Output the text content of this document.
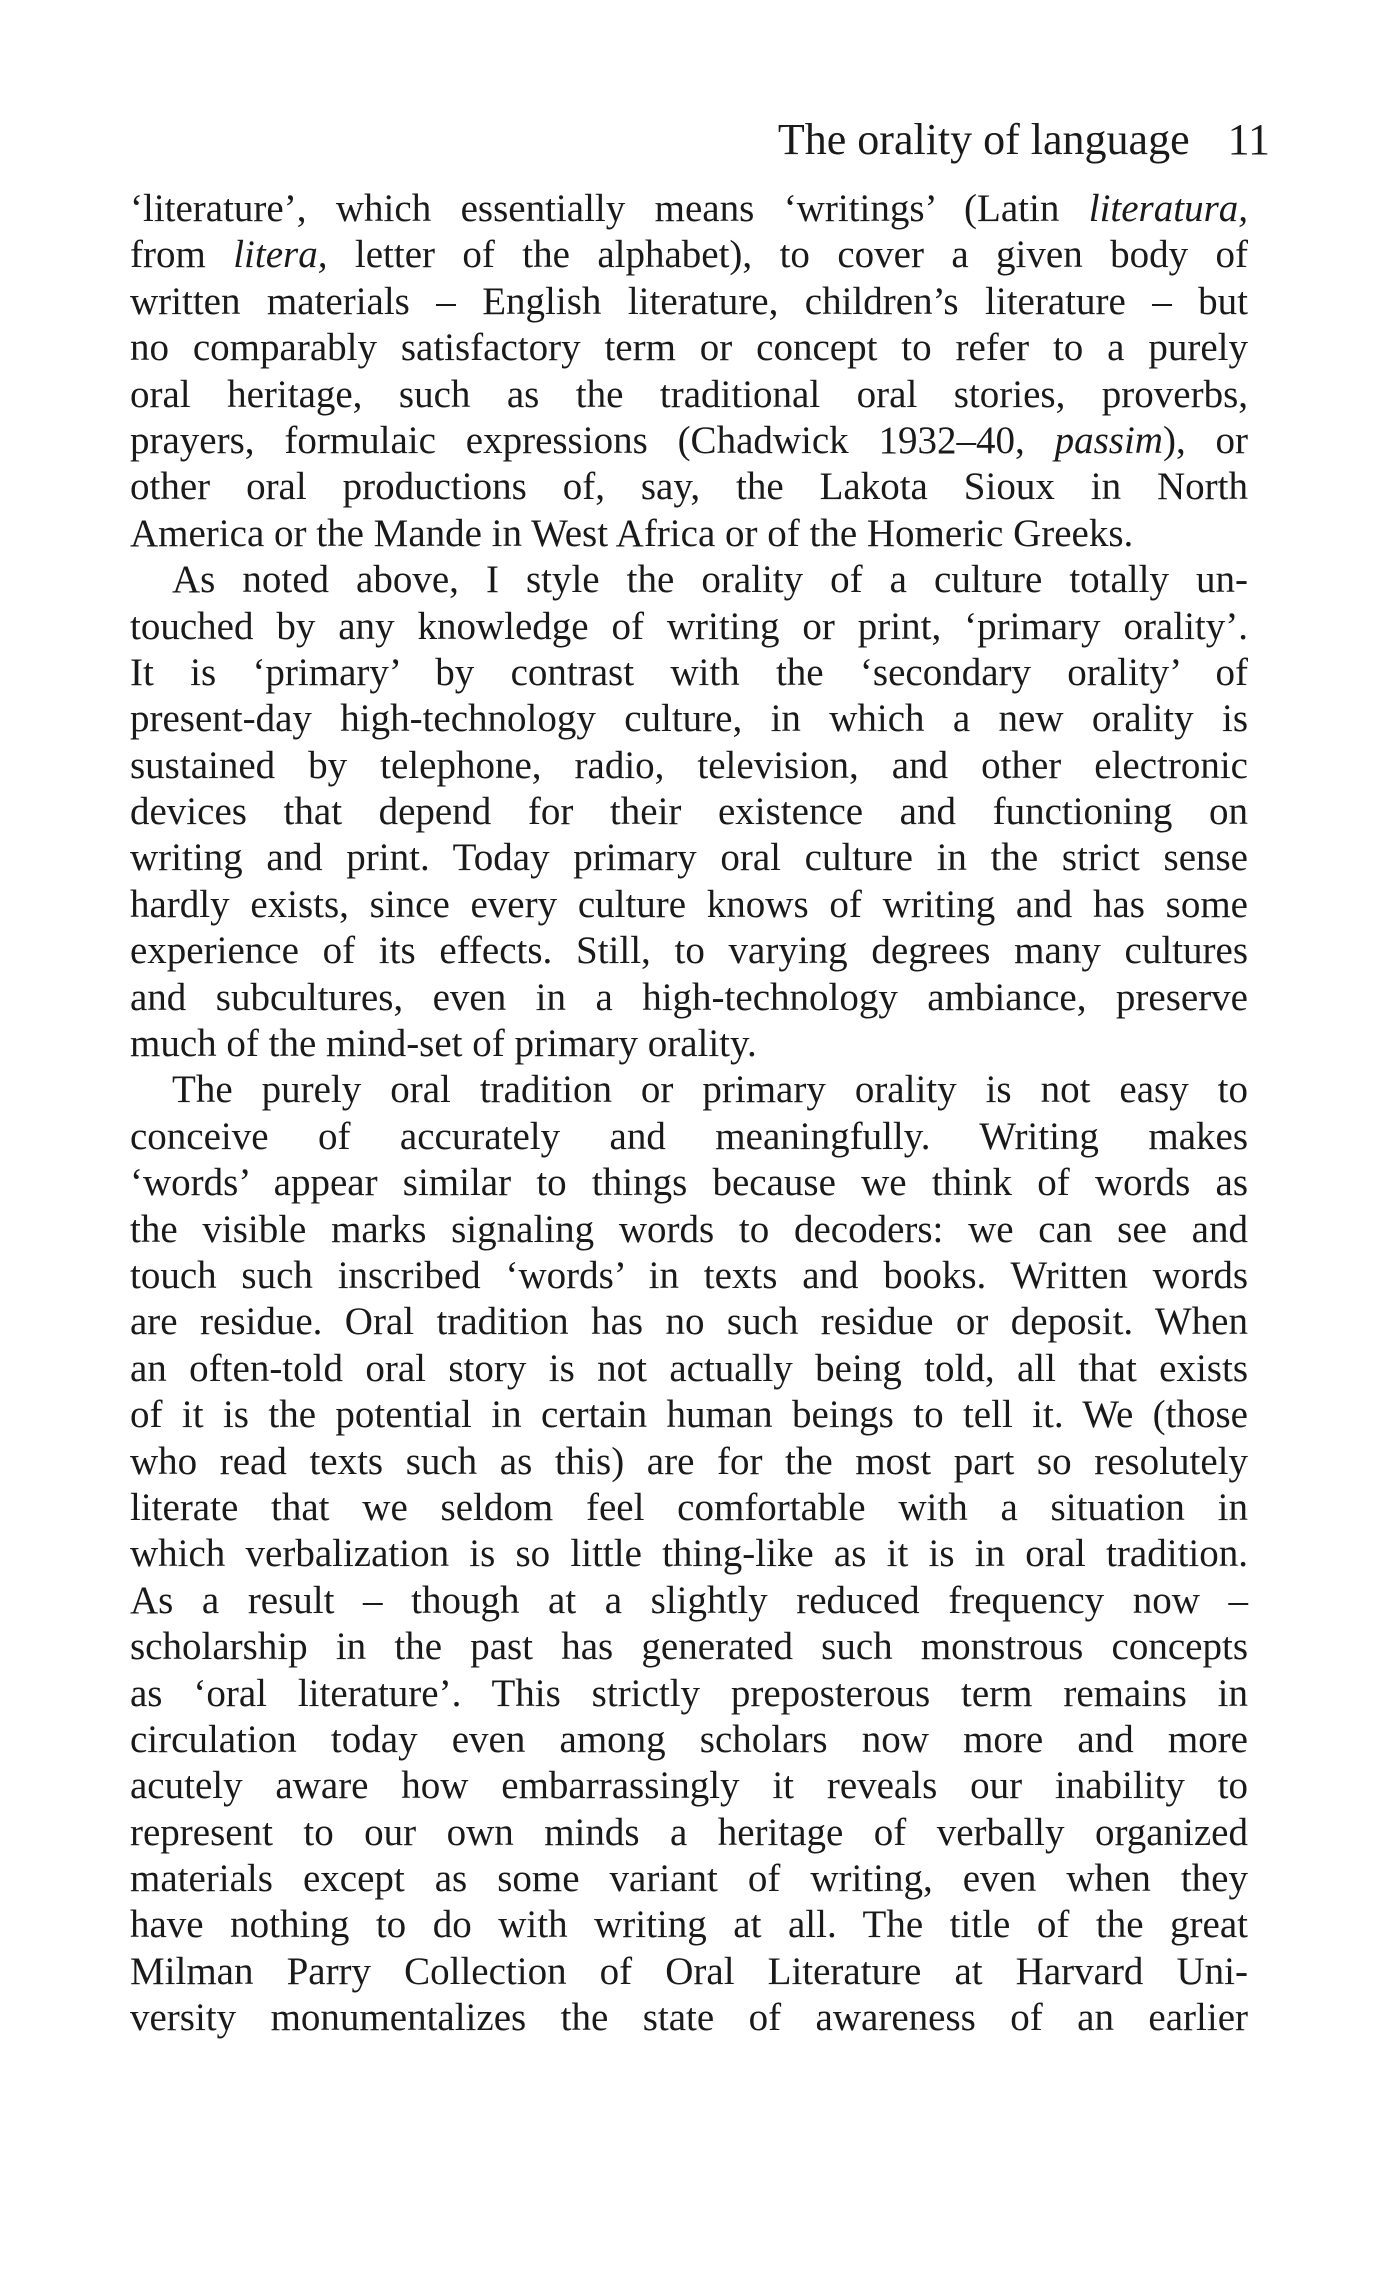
The orality of language 11
‘literature’, which essentially means ‘writings’ (Latin literatura,
from litera, letter of the alphabet), to cover a given body of
written materials – English literature, children’s literature – but
no comparably satisfactory term or concept to refer to a purely
oral heritage, such as the traditional oral stories, proverbs,
prayers, formulaic expressions (Chadwick 1932–40, passim), or
other oral productions of, say, the Lakota Sioux in North
America or the Mande in West Africa or of the Homeric Greeks.
As noted above, I style the orality of a culture totally un-
touched by any knowledge of writing or print, ‘primary orality’.
It is ‘primary’ by contrast with the ‘secondary orality’ of
present-day high-technology culture, in which a new orality is
sustained by telephone, radio, television, and other electronic
devices that depend for their existence and functioning on
writing and print. Today primary oral culture in the strict sense
hardly exists, since every culture knows of writing and has some
experience of its effects. Still, to varying degrees many cultures
and subcultures, even in a high-technology ambiance, preserve
much of the mind-set of primary orality.
The purely oral tradition or primary orality is not easy to
conceive of accurately and meaningfully. Writing makes
‘words’ appear similar to things because we think of words as
the visible marks signaling words to decoders: we can see and
touch such inscribed ‘words’ in texts and books. Written words
are residue. Oral tradition has no such residue or deposit. When
an often-told oral story is not actually being told, all that exists
of it is the potential in certain human beings to tell it. We (those
who read texts such as this) are for the most part so resolutely
literate that we seldom feel comfortable with a situation in
which verbalization is so little thing-like as it is in oral tradition.
As a result – though at a slightly reduced frequency now –
scholarship in the past has generated such monstrous concepts
as ‘oral literature’. This strictly preposterous term remains in
circulation today even among scholars now more and more
acutely aware how embarrassingly it reveals our inability to
represent to our own minds a heritage of verbally organized
materials except as some variant of writing, even when they
have nothing to do with writing at all. The title of the great
Milman Parry Collection of Oral Literature at Harvard Uni-
versity monumentalizes the state of awareness of an earlier
